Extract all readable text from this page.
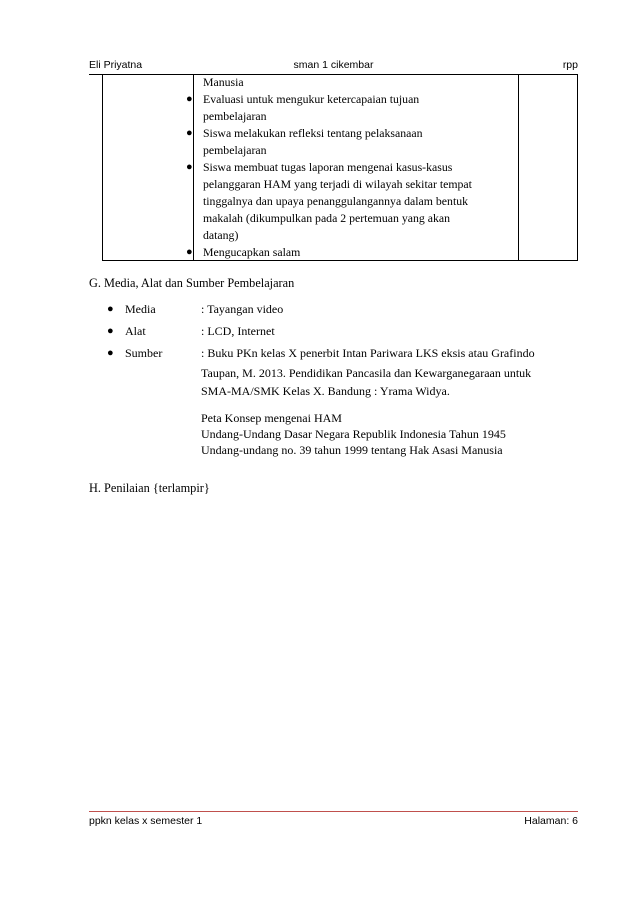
Eli Priyatna	sman 1 cikembar	rpp
Manusia
● Evaluasi untuk mengukur ketercapaian tujuan
pembelajaran
● Siswa melakukan refleksi tentang pelaksanaan
pembelajaran
● Siswa membuat tugas laporan mengenai kasus-kasus
pelanggaran HAM yang terjadi di wilayah sekitar tempat
tinggalnya dan upaya penanggulangannya dalam bentuk
makalah (dikumpulkan pada 2 pertemuan yang akan
datang)
● Mengucapkan salam
G. Media, Alat dan Sumber Pembelajaran
● Media	: Tayangan video
● Alat	: LCD, Internet
● Sumber	: Buku PKn kelas X penerbit Intan Pariwara LKS eksis atau Grafindo
Taupan, M. 2013. Pendidikan Pancasila dan Kewarganegaraan untuk
SMA-MA/SMK Kelas X. Bandung : Yrama Widya.
Peta Konsep mengenai HAM
Undang-Undang Dasar Negara Republik Indonesia Tahun 1945
Undang-undang no. 39 tahun 1999 tentang Hak Asasi Manusia
H. Penilaian {terlampir}
ppkn kelas x semester 1	Halaman: 6
